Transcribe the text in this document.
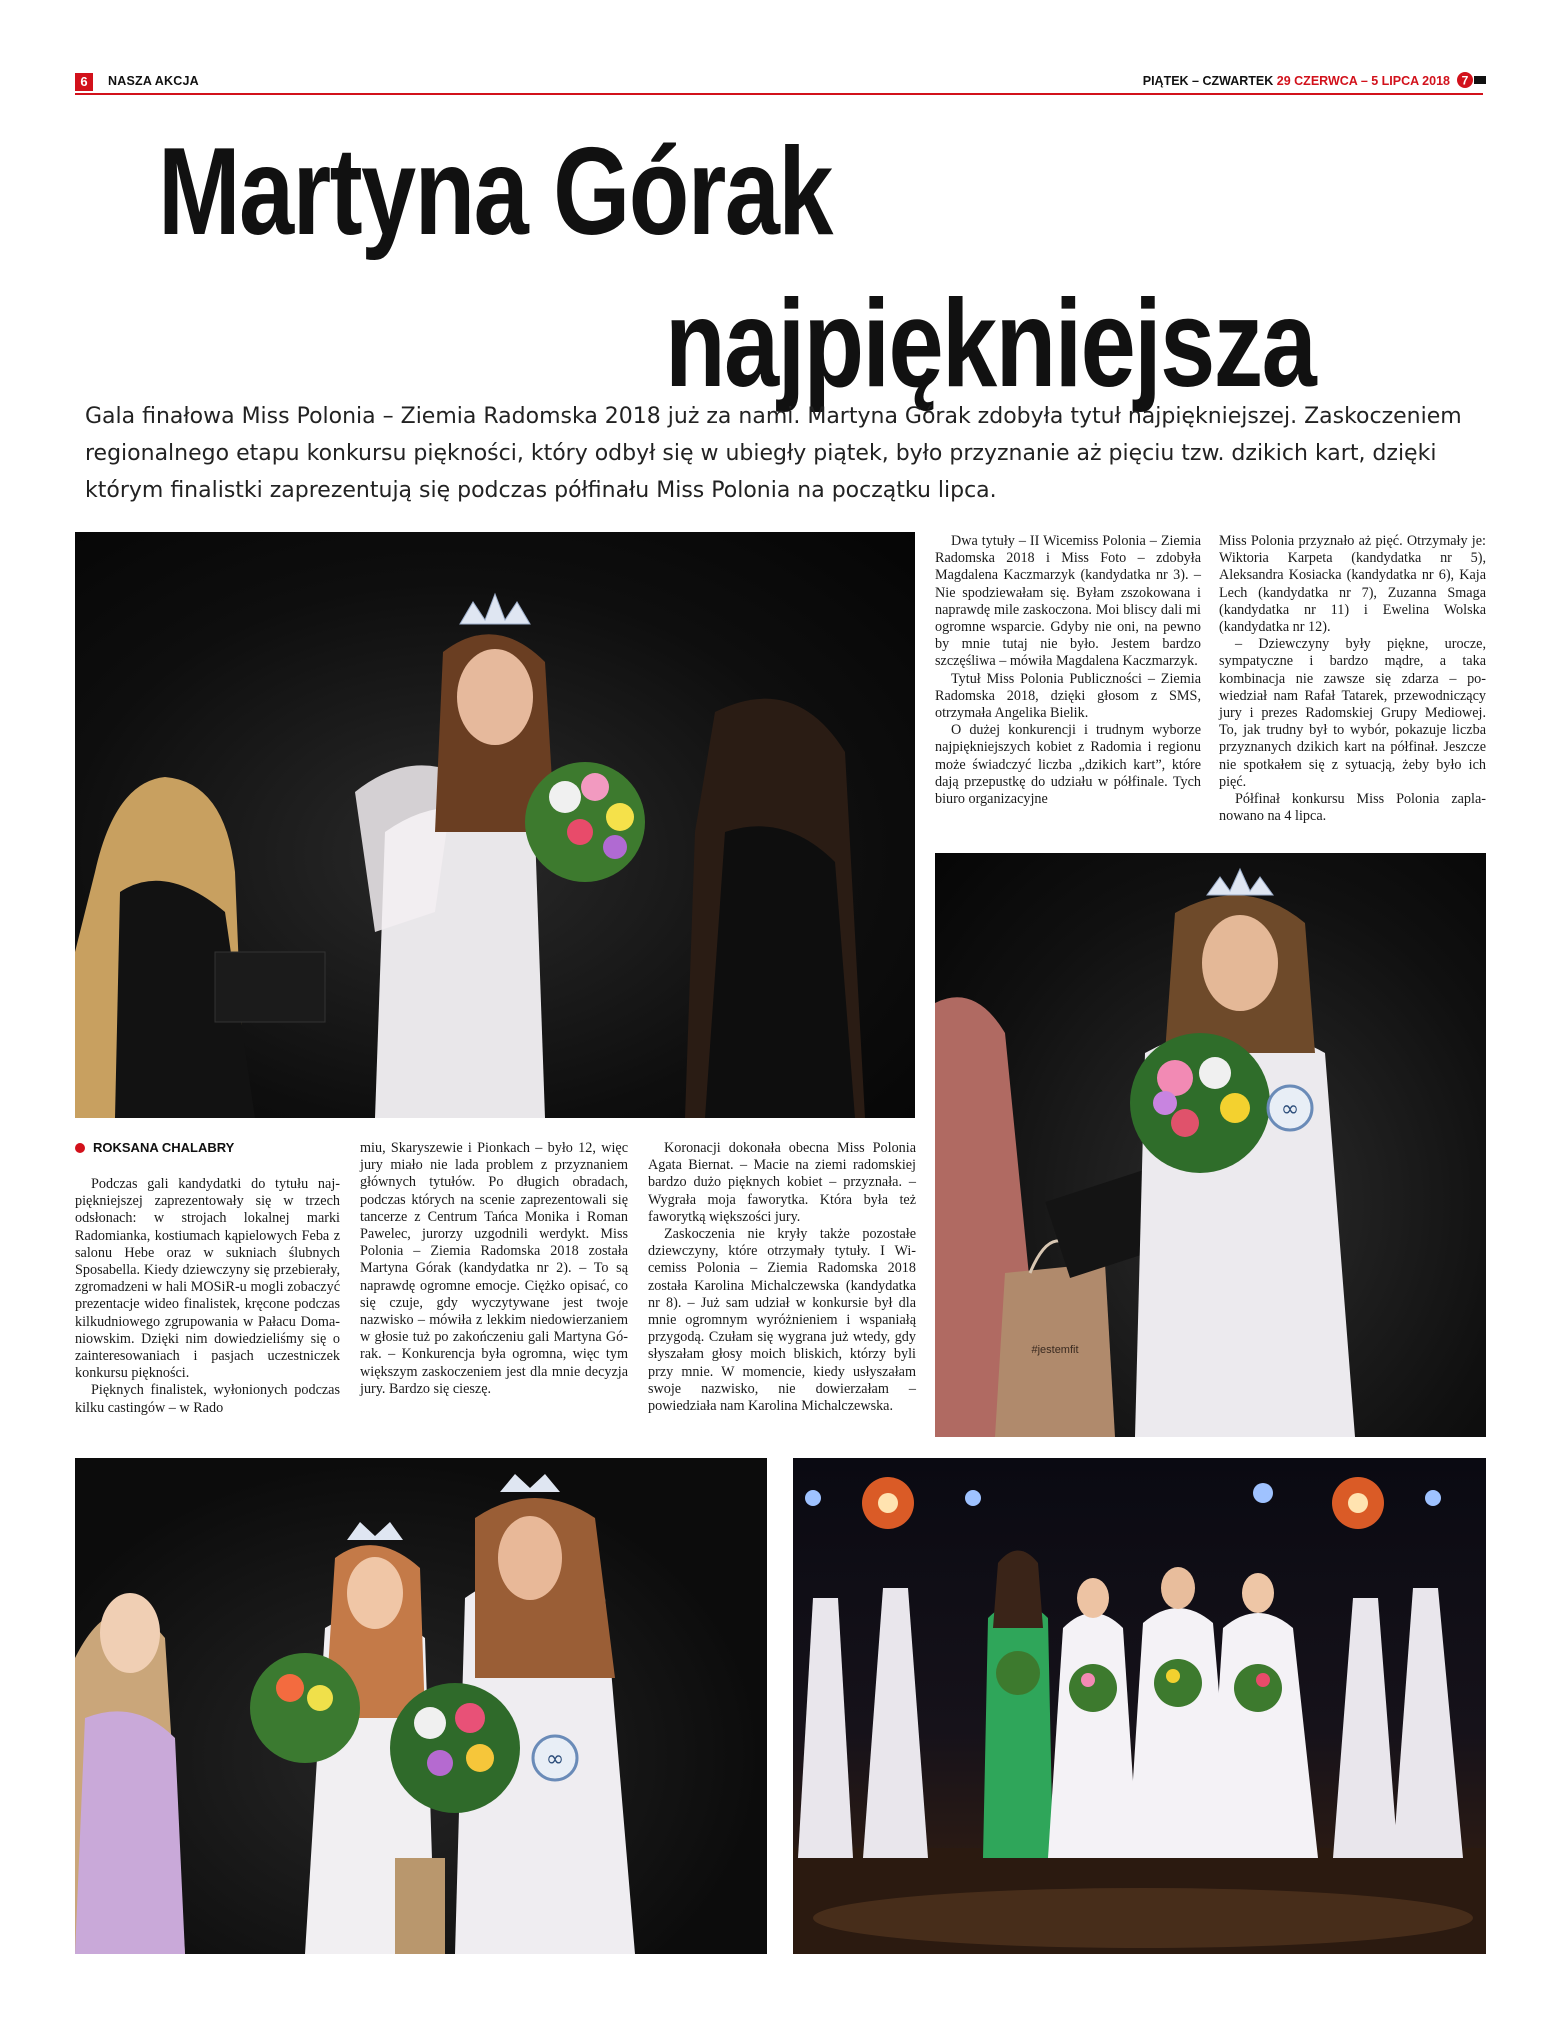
6	NASZA AKCJA	PIĄTEK – CZWARTEK 29 CZERWCA – 5 LIPCA 2018 7
Martyna Górak
najpiękniejsza
Gala finałowa Miss Polonia – Ziemia Radomska 2018 już za nami. Martyna Górak zdobyła tytuł najpiękniejszej. Zaskoczeniem regionalnego etapu konkursu piękności, który odbył się w ubiegły piątek, było przyznanie aż pięciu tzw. dzikich kart, dzięki którym finalistki zaprezentują się podczas półfinału Miss Polonia na początku lipca.
#jestemfit
∞
∞
ROKSANA CHALABRY

Podczas gali kandydatki do tytułu najpiękniejszej zaprezentowały się w trzech odsłonach: w strojach lokalnej marki Radomianka, kostiumach kąpielowych Feba z salonu Hebe oraz w sukniach ślubnych Sposabella. Kiedy dziewczyny się przebierały, zgromadzeni w hali MOSiR-u mogli zobaczyć prezentacje wideo finalistek, kręcone podczas kilkudniowego zgrupowania w Pałacu Domaniowskim. Dzięki nim dowiedzieliśmy się o zainteresowaniach i pasjach uczestniczek konkursu piękności.

Pięknych finalistek, wyłonionych podczas kilku castingów – w Rado

miu, Skaryszewie i Pionkach – było 12, więc jury miało nie lada problem z przyznaniem głównych tytułów. Po długich obradach, podczas których na scenie zaprezentowali się tancerze z Centrum Tańca Monika i Roman Pawelec, jurorzy uzgodnili werdykt. Miss Polonia – Ziemia Radomska 2018 została Martyna Górak (kandydatka nr 2). – To są naprawdę ogromne emocje. Ciężko opisać, co się czuje, gdy wyczytywane jest twoje nazwisko – mówiła z lekkim niedowierzaniem w głosie tuż po zakończeniu gali Martyna Górak. – Konkurencja była ogromna, więc tym większym zaskoczeniem jest dla mnie decyzja jury. Bardzo się cieszę.

Koronacji dokonała obecna Miss Polonia Agata Biernat. – Macie na ziemi radomskiej bardzo dużo pięknych kobiet – przyznała. – Wygrała moja faworytka. Która była też faworytką większości jury.

Zaskoczenia nie kryły także pozostałe dziewczyny, które otrzymały tytuły. I Wicemiss Polonia – Ziemia Radomska 2018 została Karolina Michalczewska (kandydatka nr 8). – Już sam udział w konkursie był dla mnie ogromnym wyróżnieniem i wspaniałą przygodą. Czułam się wygrana już wtedy, gdy słyszałam głosy moich bliskich, którzy byli przy mnie. W momencie, kiedy usłyszałam swoje nazwisko, nie dowierzałam – powiedziała nam Karolina Michalczewska.

Dwa tytuły – II Wicemiss Polonia – Ziemia Radomska 2018 i Miss Foto – zdobyła Magdalena Kaczmarzyk (kandydatka nr 3). – Nie spodziewałam się. Byłam zszokowana i naprawdę mile zaskoczona. Moi bliscy dali mi ogromne wsparcie. Gdyby nie oni, na pewno by mnie tutaj nie było. Jestem bardzo szczęśliwa – mówiła Magdalena Kaczmarzyk.

Tytuł Miss Polonia Publiczności – Ziemia Radomska 2018, dzięki głosom z SMS, otrzymała Angelika Bielik.

O dużej konkurencji i trudnym wyborze najpiękniejszych kobiet z Radomia i regionu może świadczyć liczba „dzikich kart”, które dają przepustkę do udziału w półfinale. Tych biuro organizacyjne

Miss Polonia przyznało aż pięć. Otrzymały je: Wiktoria Karpeta (kandydatka nr 5), Aleksandra Kosiacka (kandydatka nr 6), Kaja Lech (kandydatka nr 7), Zuzanna Smaga (kandydatka nr 11) i Ewelina Wolska (kandydatka nr 12).

– Dziewczyny były piękne, urocze, sympatyczne i bardzo mądre, a taka kombinacja nie zawsze się zdarza – powiedział nam Rafał Tatarek, przewodniczący jury i prezes Radomskiej Grupy Mediowej. To, jak trudny był to wybór, pokazuje liczba przyznanych dzikich kart na półfinał. Jeszcze nie spotkałem się z sytuacją, żeby było ich pięć.

Półfinał konkursu Miss Polonia zaplanowano na 4 lipca.
